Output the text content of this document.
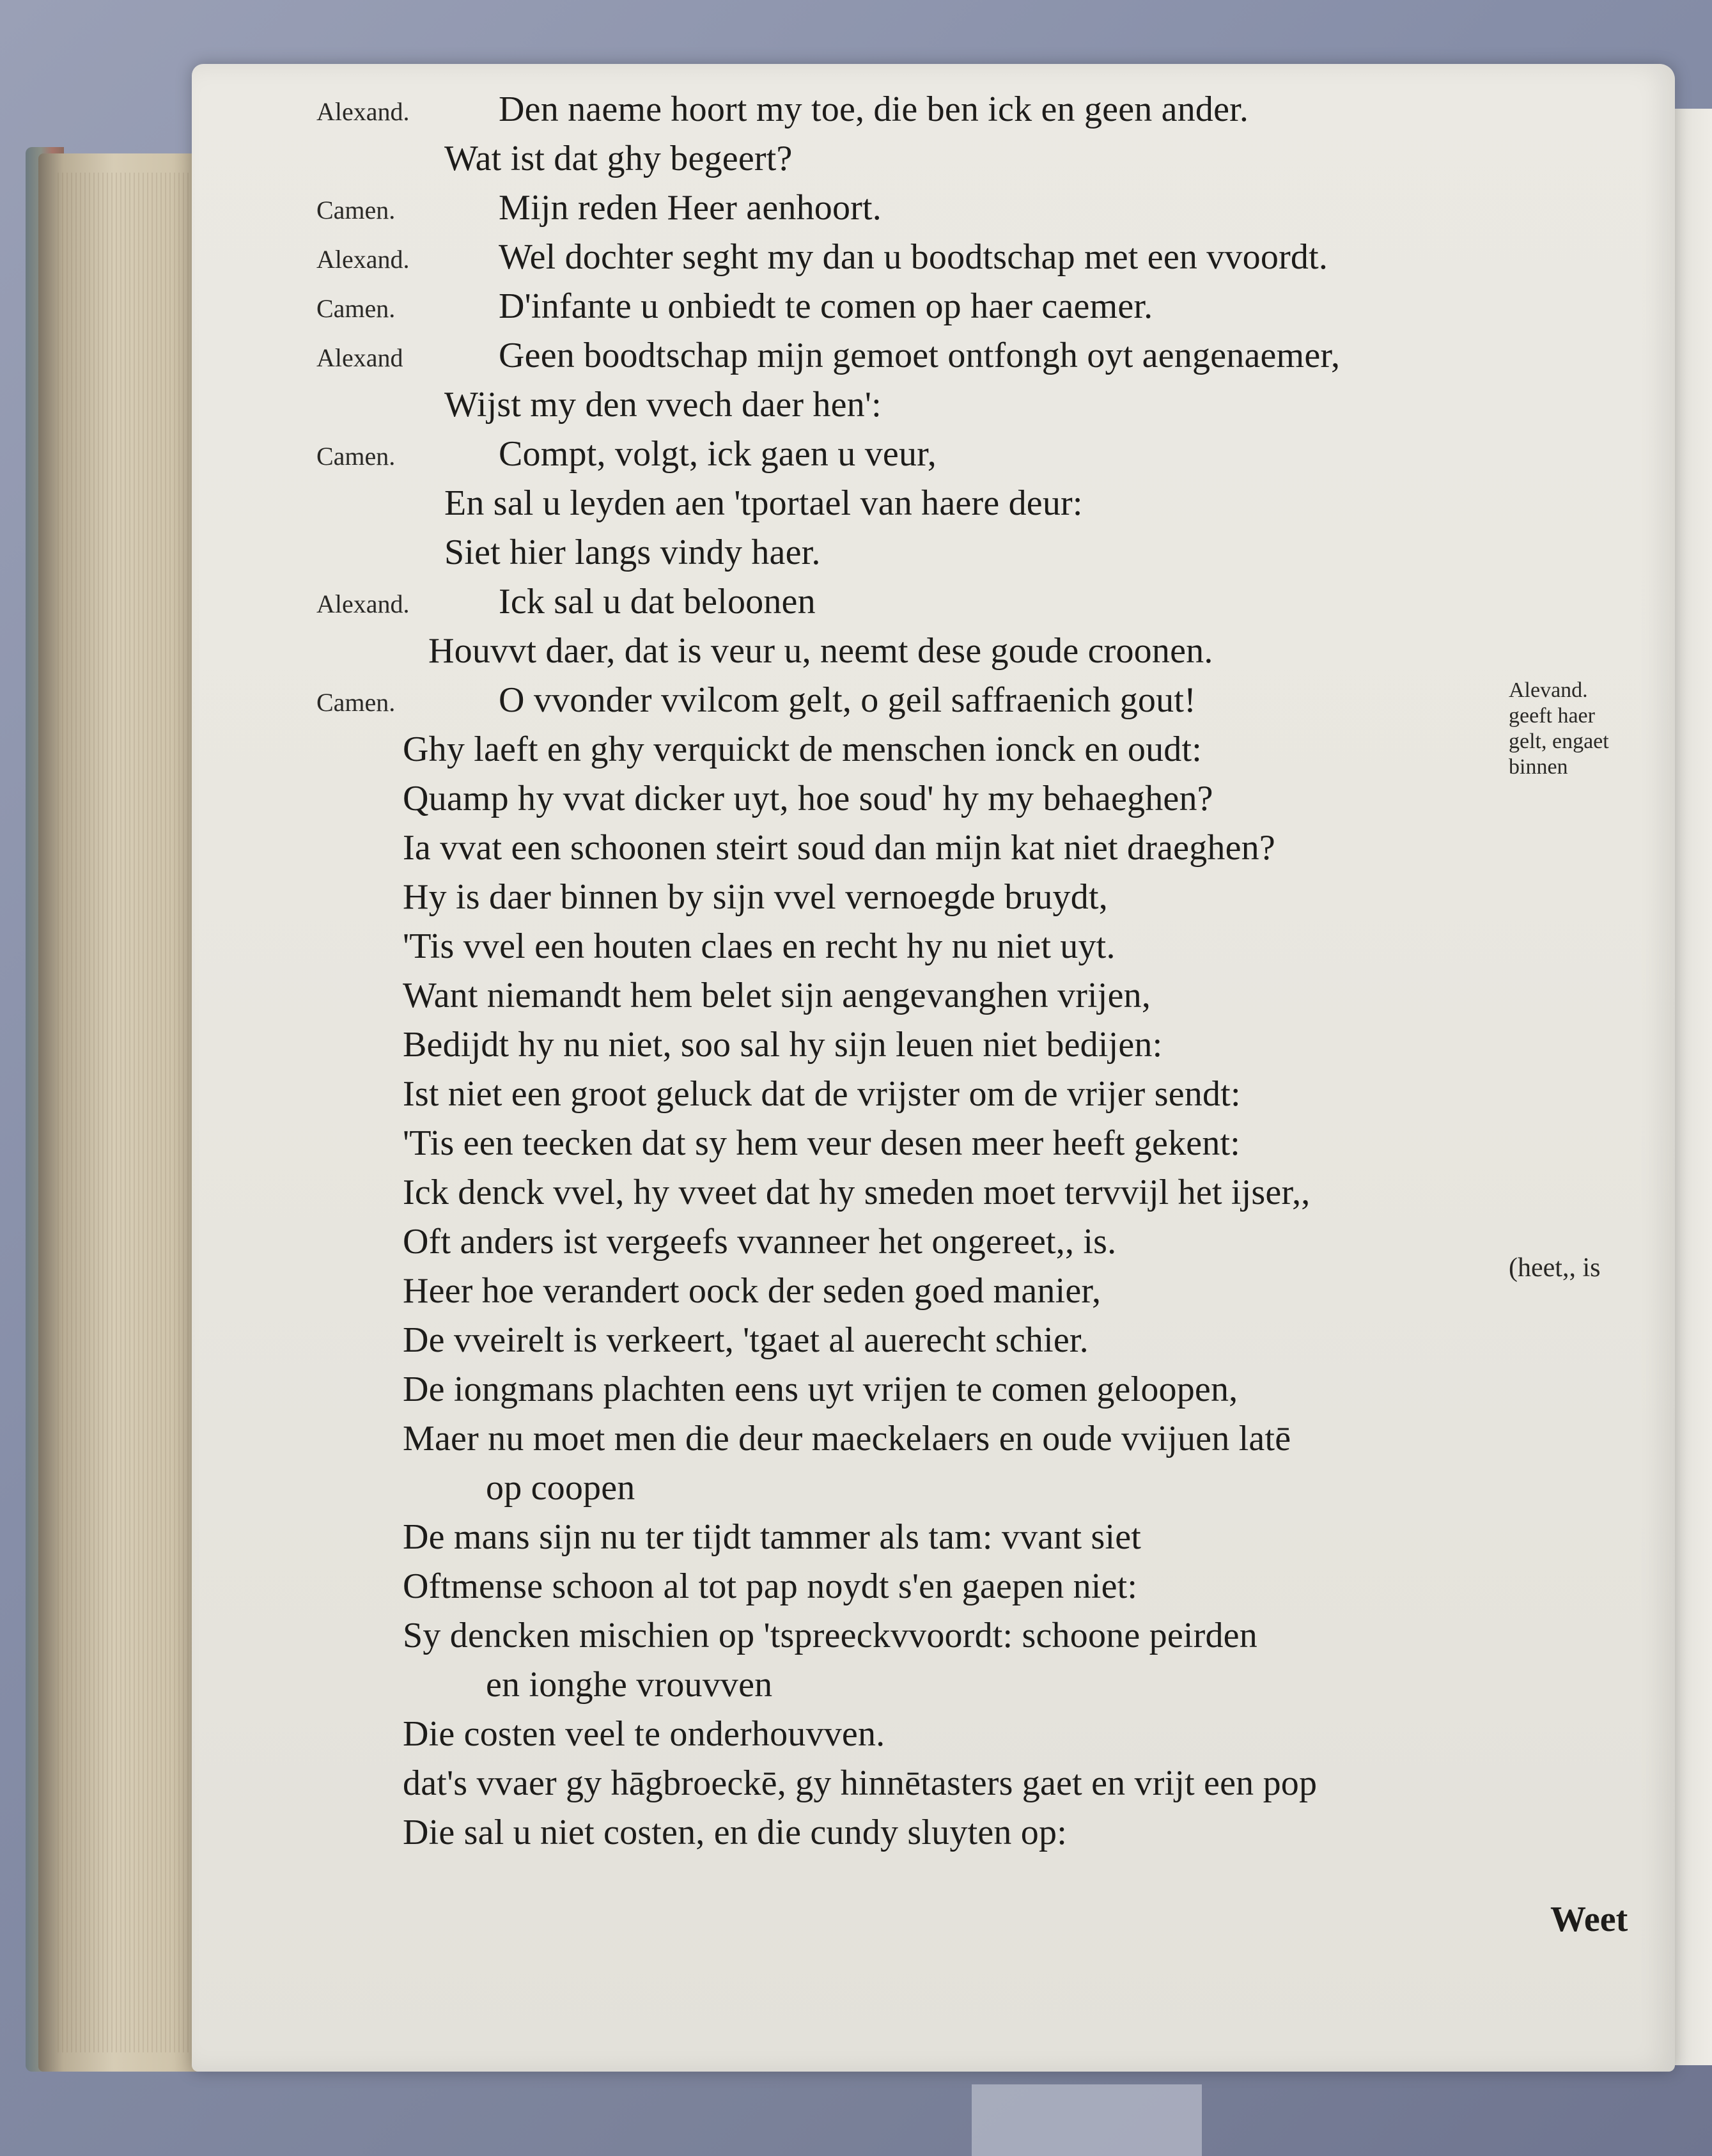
Alexand. Den naeme hoort my toe, die ben ick en geen ander.
Wat ist dat ghy begeert?
Camen.	Mijn reden Heer aenhoort.
Alexand. Wel dochter seght my dan u boodtschap met een vvoordt.
Camen.	D'infante u onbiedt te comen op haer caemer.
Alexand	Geen boodtschap mijn gemoet ontfongh oyt aengenaemer,
Wijst my den vvech daer hen':
Camen.	Compt, volgt, ick gaen u veur,
En sal u leyden aen 'tportael van haere deur:
Siet hier langs vindy haer.
Alexand. Ick sal u dat beloonen
Houvvt daer, dat is veur u, neemt dese goude croonen.
Camen.	O vvonder vvilcom gelt, o geil saffraenich gout!
Ghy laeft en ghy verquickt de menschen ionck en oudt:
Quamp hy vvat dicker uyt, hoe soud' hy my behaeghen?
Ia vvat een schoonen steirt soud dan mijn kat niet draeghen?
Hy is daer binnen by sijn vvel vernoegde bruydt,
'Tis vvel een houten claes en recht hy nu niet uyt.
Want niemandt hem belet sijn aengevanghen vrijen,
Bedijdt hy nu niet, soo sal hy sijn leuen niet bedijen:
Ist niet een groot geluck dat de vrijster om de vrijer sendt:
'Tis een teecken dat sy hem veur desen meer heeft gekent:
Ick denck vvel, hy vveet dat hy smeden moet tervvijl het ijser,,
Oft anders ist vergeefs vvanneer het ongereet,, is.
Heer hoe verandert oock der seden goed manier,
De vveirelt is verkeert, 'tgaet al auerecht schier.
De iongmans plachten eens uyt vrijen te comen geloopen,
Maer nu moet men die deur maeckelaers en oude vvijuen latē
op coopen
De mans sijn nu ter tijdt tammer als tam: vvant siet
Oftmense schoon al tot pap noydt s'en gaepen niet:
Sy dencken mischien op 'tspreeckvvoordt: schoone peirden
en ionghe vrouvven
Die costen veel te onderhouvven.
dat's vvaer gy hāgbroeckē, gy hinnētasters gaet en vrijt een pop
Die sal u niet costen, en die cundy sluyten op:
Alevand.
geeft haer
gelt, engaet
binnen
(heet,, is
Weet
